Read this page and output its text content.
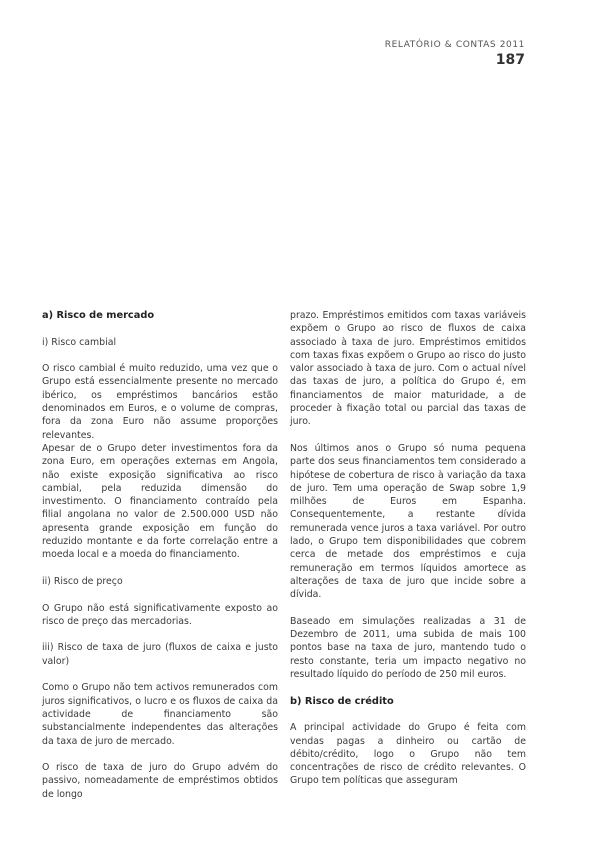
RELATÓRIO & CONTAS 2011
187

a) Risco de mercado

i) Risco cambial

O risco cambial é muito reduzido, uma vez que o Grupo está essencialmente presente no mercado ibérico, os empréstimos bancários estão denominados em Euros, e o volume de compras, fora da zona Euro não assume proporções relevantes.

Apesar de o Grupo deter investimentos fora da zona Euro, em operações externas em Angola, não existe exposição significativa ao risco cambial, pela reduzida dimensão do investimento. O financiamento contraído pela filial angolana no valor de 2.500.000 USD não apresenta grande exposição em função do reduzido montante e da forte correlação entre a moeda local e a moeda do financiamento.

ii) Risco de preço

O Grupo não está significativamente exposto ao risco de preço das mercadorias.

iii) Risco de taxa de juro (fluxos de caixa e justo valor)

Como o Grupo não tem activos remunerados com juros significativos, o lucro e os fluxos de caixa da actividade de financiamento são substancialmente independentes das alterações da taxa de juro de mercado.

O risco de taxa de juro do Grupo advém do passivo, nomeadamente de empréstimos obtidos de longo

prazo. Empréstimos emitidos com taxas variáveis expõem o Grupo ao risco de fluxos de caixa associado à taxa de juro. Empréstimos emitidos com taxas fixas expõem o Grupo ao risco do justo valor associado à taxa de juro. Com o actual nível das taxas de juro, a política do Grupo é, em financiamentos de maior maturidade, a de proceder à fixação total ou parcial das taxas de juro.

Nos últimos anos o Grupo só numa pequena parte dos seus financiamentos tem considerado a hipótese de cobertura de risco à variação da taxa de juro. Tem uma operação de Swap sobre 1,9 milhões de Euros em Espanha. Consequentemente, a restante dívida remunerada vence juros a taxa variável. Por outro lado, o Grupo tem disponibilidades que cobrem cerca de metade dos empréstimos e cuja remuneração em termos líquidos amortece as alterações de taxa de juro que incide sobre a dívida.

Baseado em simulações realizadas a 31 de Dezembro de 2011, uma subida de mais 100 pontos base na taxa de juro, mantendo tudo o resto constante, teria um impacto negativo no resultado líquido do período de 250 mil euros.

b) Risco de crédito

A principal actividade do Grupo é feita com vendas pagas a dinheiro ou cartão de débito/crédito, logo o Grupo não tem concentrações de risco de crédito relevantes. O Grupo tem políticas que asseguram
